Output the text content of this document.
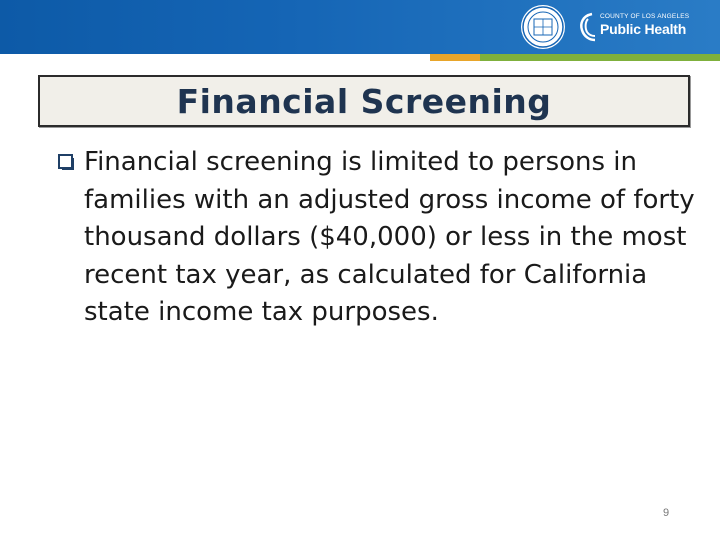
COUNTY OF LOS ANGELES
Public Health
Financial Screening
Financial screening is limited to persons in families with an adjusted gross income of forty thousand dollars ($40,000) or less in the most recent tax year, as calculated for California state income tax purposes.
9
